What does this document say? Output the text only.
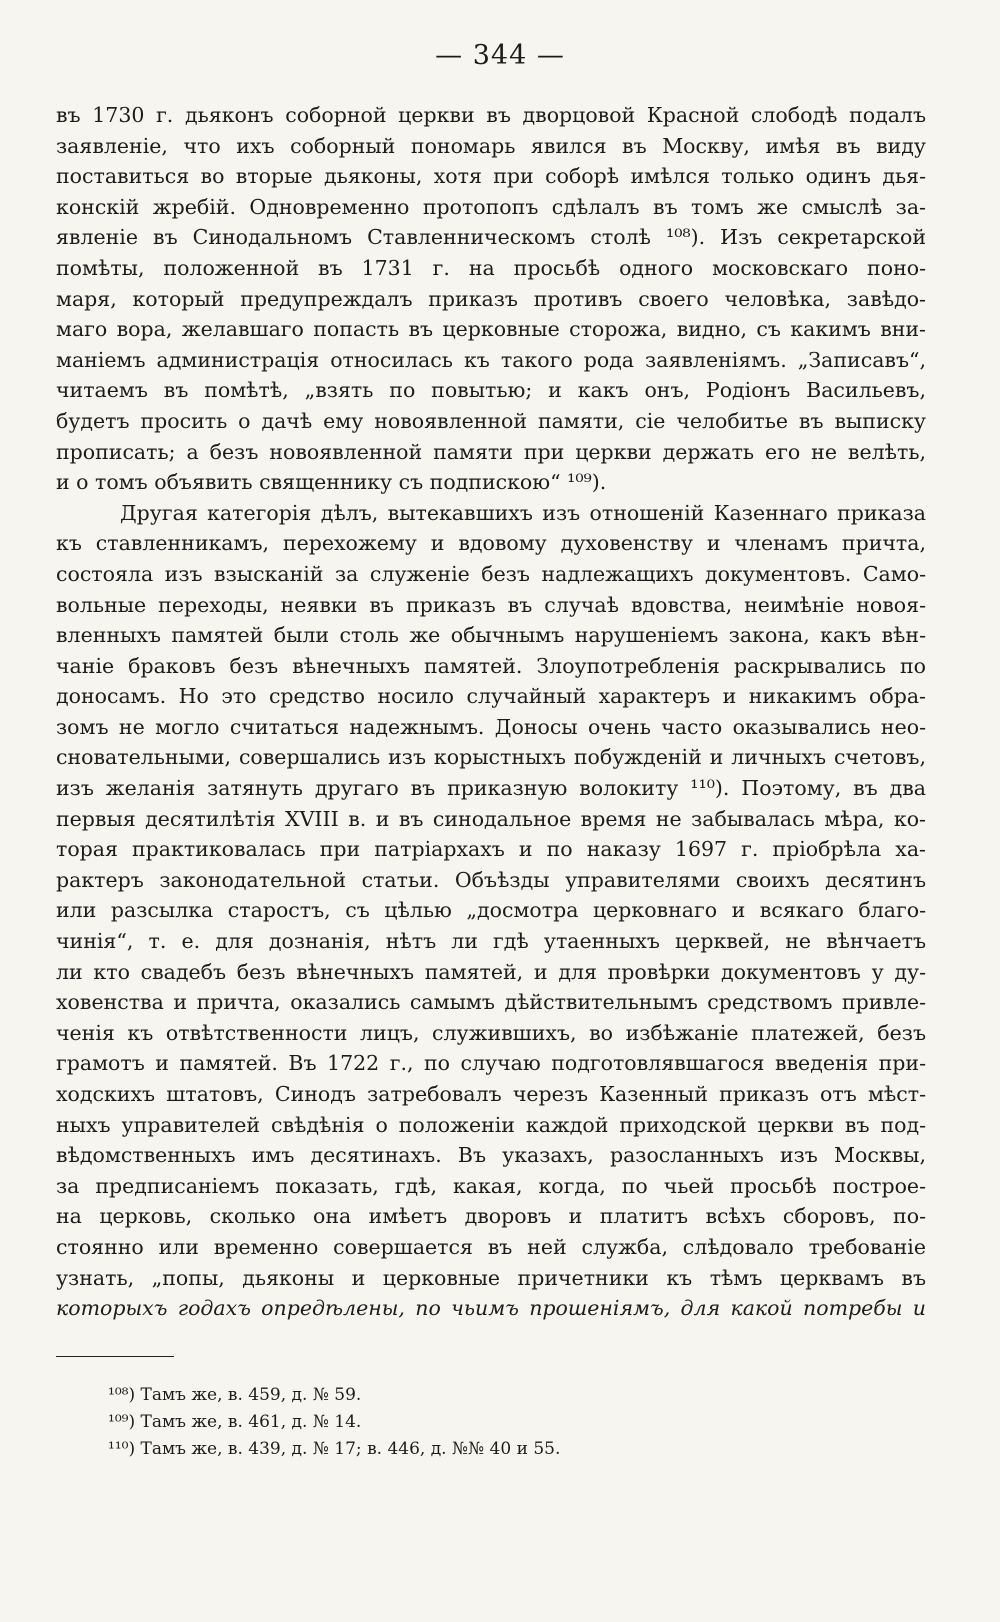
— 344 —
въ 1730 г. дьяконъ соборной церкви въ дворцовой Красной слободѣ подалъ
заявленіе, что ихъ соборный пономарь явился въ Москву, имѣя въ виду
поставиться во вторые дьяконы, хотя при соборѣ имѣлся только одинъ дья-
конскій жребій. Одновременно протопопъ сдѣлалъ въ томъ же смыслѣ за-
явленіе въ Синодальномъ Ставленническомъ столѣ ¹⁰⁸). Изъ секретарской
помѣты, положенной въ 1731 г. на просьбѣ одного московскаго поно-
маря, который предупреждалъ приказъ противъ своего человѣка, завѣдо-
маго вора, желавшаго попасть въ церковные сторожа, видно, съ какимъ вни-
маніемъ администрація относилась къ такого рода заявленіямъ. „Записавъ“,
читаемъ въ помѣтѣ, „взять по повытью; и какъ онъ, Родіонъ Васильевъ,
будетъ просить о дачѣ ему новоявленной памяти, сіе челобитье въ выписку
прописать; а безъ новоявленной памяти при церкви держать его не велѣть,
и о томъ объявить священнику съ подпискою“ ¹⁰⁹).
Другая категорія дѣлъ, вытекавшихъ изъ отношеній Казеннаго приказа
къ ставленникамъ, перехожему и вдовому духовенству и членамъ причта,
состояла изъ взысканій за служеніе безъ надлежащихъ документовъ. Само-
вольные переходы, неявки въ приказъ въ случаѣ вдовства, неимѣніе новоя-
вленныхъ памятей были столь же обычнымъ нарушеніемъ закона, какъ вѣн-
чаніе браковъ безъ вѣнечныхъ памятей. Злоупотребленія раскрывались по
доносамъ. Но это средство носило случайный характеръ и никакимъ обра-
зомъ не могло считаться надежнымъ. Доносы очень часто оказывались нео-
сновательными, совершались изъ корыстныхъ побужденій и личныхъ счетовъ,
изъ желанія затянуть другаго въ приказную волокиту ¹¹⁰). Поэтому, въ два
первыя десятилѣтія XVIII в. и въ синодальное время не забывалась мѣра, ко-
торая практиковалась при патріархахъ и по наказу 1697 г. пріобрѣла ха-
рактеръ законодательной статьи. Объѣзды управителями своихъ десятинъ
или разсылка старостъ, съ цѣлью „досмотра церковнаго и всякаго благо-
чинія“, т. е. для дознанія, нѣтъ ли гдѣ утаенныхъ церквей, не вѣнчаетъ
ли кто свадебъ безъ вѣнечныхъ памятей, и для провѣрки документовъ у ду-
ховенства и причта, оказались самымъ дѣйствительнымъ средствомъ привле-
ченія къ отвѣтственности лицъ, служившихъ, во избѣжаніе платежей, безъ
грамотъ и памятей. Въ 1722 г., по случаю подготовлявшагося введенія при-
ходскихъ штатовъ, Синодъ затребовалъ черезъ Казенный приказъ отъ мѣст-
ныхъ управителей свѣдѣнія о положеніи каждой приходской церкви въ под-
вѣдомственныхъ имъ десятинахъ. Въ указахъ, разосланныхъ изъ Москвы,
за предписаніемъ показать, гдѣ, какая, когда, по чьей просьбѣ построе-
на церковь, сколько она имѣетъ дворовъ и платитъ всѣхъ сборовъ, по-
стоянно или временно совершается въ ней служба, слѣдовало требованіе
узнать, „попы, дьяконы и церковные причетники къ тѣмъ церквамъ въ
которыхъ годахъ опредѣлены, по чьимъ прошеніямъ, для какой потребы и
¹⁰⁸) Тамъ же, в. 459, д. № 59.
¹⁰⁹) Тамъ же, в. 461, д. № 14.
¹¹⁰) Тамъ же, в. 439, д. № 17; в. 446, д. №№ 40 и 55.
